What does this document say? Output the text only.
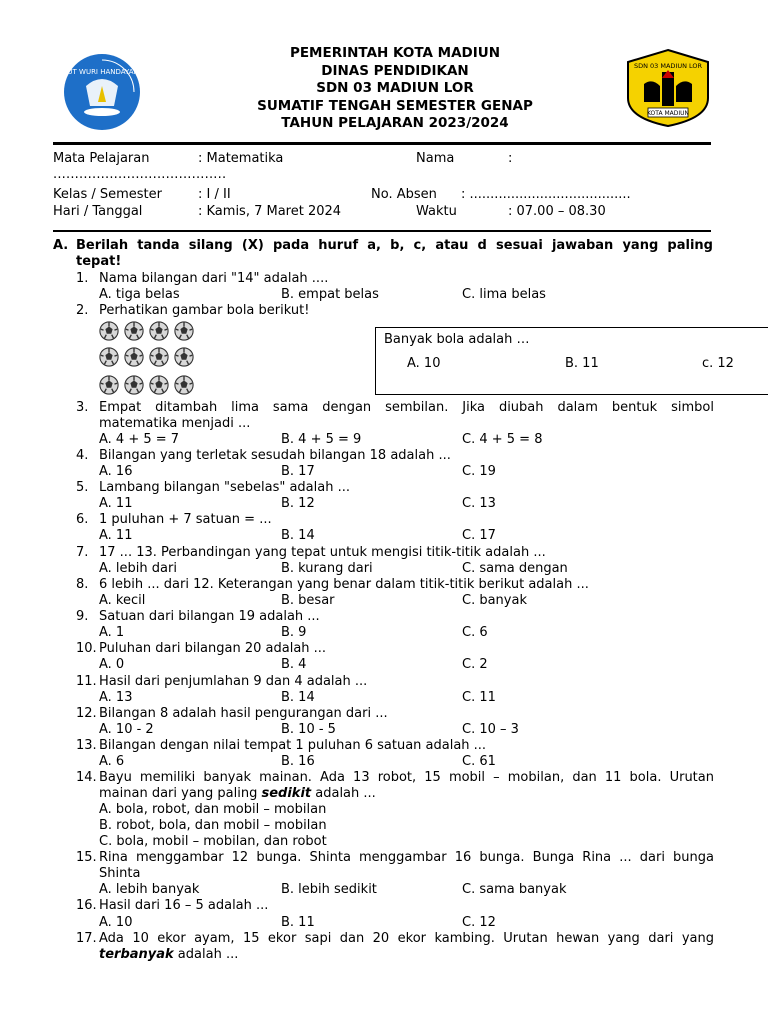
TUT WURI HANDAYANI
SDN 03 MADIUN LOR
KOTA MADIUN
PEMERINTAH KOTA MADIUN
DINAS PENDIDIKAN
SDN 03 MADIUN LOR
SUMATIF TENGAH SEMESTER GENAP
TAHUN PELAJARAN 2023/2024
Mata Pelajaran	: Matematika	Nama	:
........................................
Kelas / Semester	: I / II	No. Absen : .......................................
Hari / Tanggal	: Kamis, 7 Maret 2024	Waktu	: 07.00 – 08.30
A. Berilah tanda silang (X) pada huruf a, b, c, atau d sesuai jawaban yang paling
tepat!
1. Nama bilangan dari "14" adalah ....
A. tiga belas	B. empat belas	C. lima belas
2. Perhatikan gambar bola berikut!
Banyak bola adalah …
A. 10	B. 11	c. 12
3. Empat ditambah lima sama dengan sembilan. Jika diubah dalam bentuk simbol
matematika menjadi ...
A. 4 + 5 = 7	B. 4 + 5 = 9	C. 4 + 5 = 8
4. Bilangan yang terletak sesudah bilangan 18 adalah ...
A. 16	B. 17	C. 19
5. Lambang bilangan "sebelas" adalah ...
A. 11	B. 12	C. 13
6. 1 puluhan + 7 satuan = ...
A. 11	B. 14	C. 17
7. 17 ... 13. Perbandingan yang tepat untuk mengisi titik-titik adalah ...
A. lebih dari	B. kurang dari	C. sama dengan
8. 6 lebih ... dari 12. Keterangan yang benar dalam titik-titik berikut adalah ...
A. kecil	B. besar	C. banyak
9. Satuan dari bilangan 19 adalah ...
A. 1	B. 9	C. 6
10. Puluhan dari bilangan 20 adalah ...
A. 0	B. 4	C. 2
11. Hasil dari penjumlahan 9 dan 4 adalah ...
A. 13	B. 14	C. 11
12. Bilangan 8 adalah hasil pengurangan dari ...
A. 10 - 2	B. 10 - 5	C. 10 – 3
13. Bilangan dengan nilai tempat 1 puluhan 6 satuan adalah ...
A. 6	B. 16	C. 61
14. Bayu memiliki banyak mainan. Ada 13 robot, 15 mobil – mobilan, dan 11 bola. Urutan
mainan dari yang paling sedikit adalah ...
A. bola, robot, dan mobil – mobilan
B. robot, bola, dan mobil – mobilan
C. bola, mobil – mobilan, dan robot
15. Rina menggambar 12 bunga. Shinta menggambar 16 bunga. Bunga Rina ... dari bunga
Shinta
A. lebih banyak	B. lebih sedikit	C. sama banyak
16. Hasil dari 16 – 5 adalah ...
A. 10	B. 11	C. 12
17. Ada 10 ekor ayam, 15 ekor sapi dan 20 ekor kambing. Urutan hewan yang dari yang
terbanyak adalah ...
